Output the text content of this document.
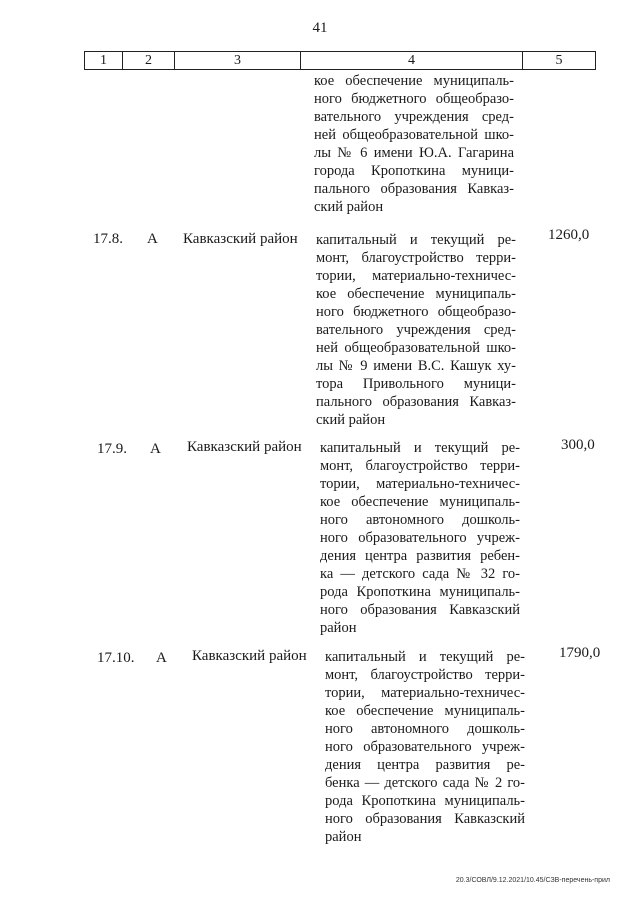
41
1	2	3	4	5
кое обеспечение муниципаль-
ного бюджетного общеобразо-
вательного учреждения сред-
ней общеобразовательной шко-
лы № 6 имени Ю.А. Гагарина
города Кропоткина муници-
пального образования Кавказ-
ский район
17.8. А Кавказский район капитальный и текущий ре-
монт, благоустройство терри-
тории, материально-техничес-
кое обеспечение муниципаль-
ного бюджетного общеобразо-
вательного учреждения сред-
ней общеобразовательной шко-
лы № 9 имени В.С. Кашук ху-
тора Привольного муници-
пального образования Кавказ-
ский район
1260,0
17.9. А Кавказский район капитальный и текущий ре-
монт, благоустройство терри-
тории, материально-техничес-
кое обеспечение муниципаль-
ного автономного дошколь-
ного образовательного учреж-
дения центра развития ребен-
ка — детского сада № 32 го-
рода Кропоткина муниципаль-
ного образования Кавказский
район
300,0
17.10. А Кавказский район капитальный и текущий ре-
монт, благоустройство терри-
тории, материально-техничес-
кое обеспечение муниципаль-
ного автономного дошколь-
ного образовательного учреж-
дения центра развития ре-
бенка — детского сада № 2 го-
рода Кропоткина муниципаль-
ного образования Кавказский
район
1790,0
20.3/СОВЛ/9.12.2021/10.45/СЗВ-перечень-прил
